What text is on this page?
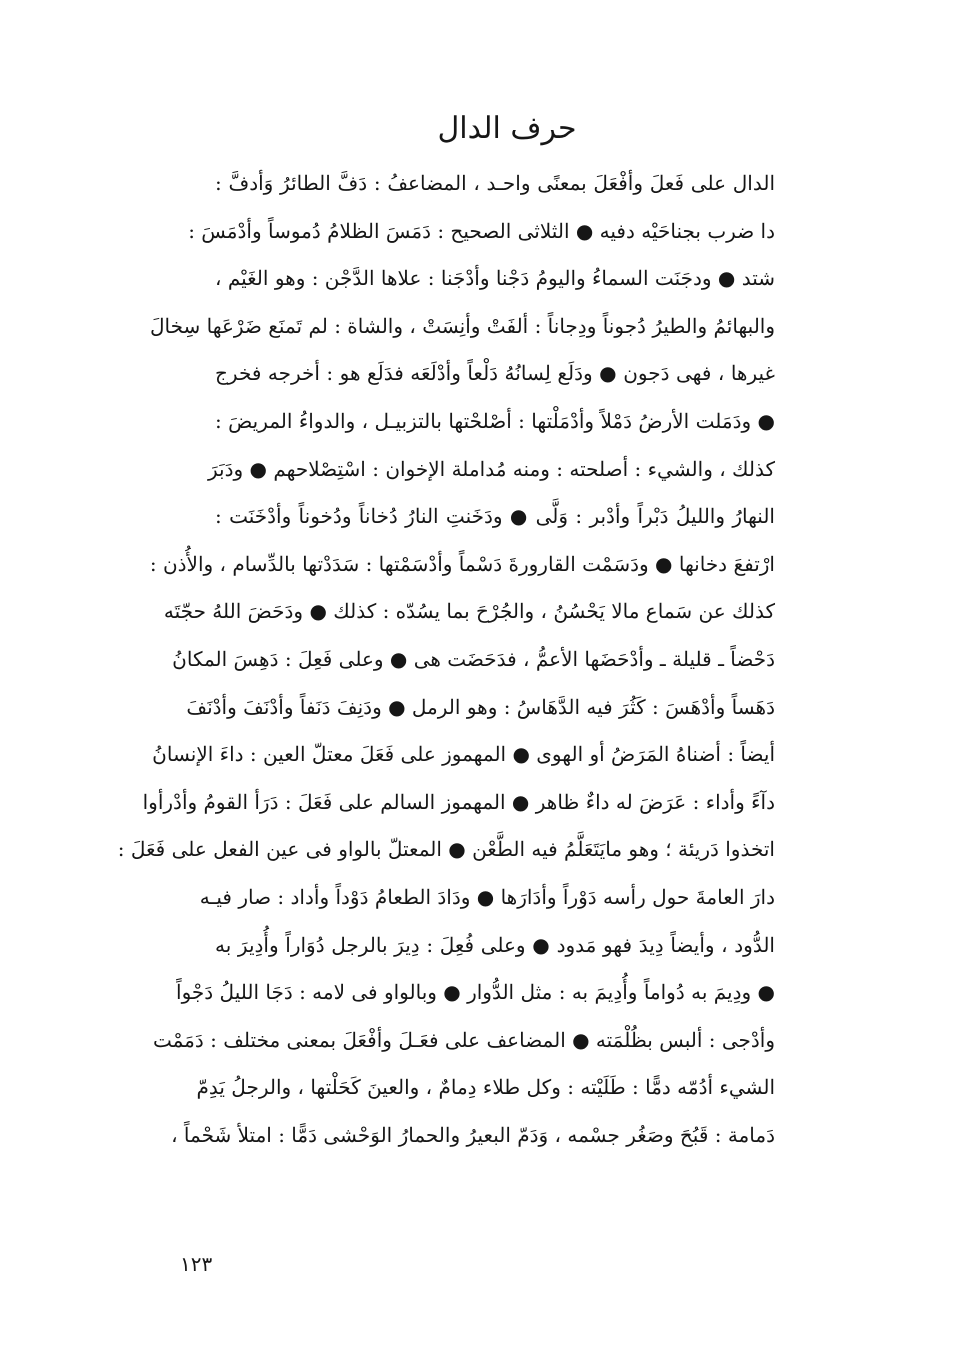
حرف الدال
الدال على فَعلَ وأفْعَلَ بمعنًى واحـد ، المضاعفُ : دَفَّ الطائرُ وَأدفَّ :
دا ضرب بجناحَيْه دفيه ● الثلاثى الصحيح : دَمَسَ الظلامُ دُموساً وأدْمَسَ :
شتد ● ودجَنَت السماءُ واليومُ دَجْنا وأدْجَنا : علاها الدَّجْن : وهو الغَيْم ،
والبهائمُ والطيرُ دُجوناً ودِجاناً : ألفَتْ وأنِسَتْ ، والشاة : لم تَمنَع ضَرْعَها سِخالَ
غيرها ، فهى دَجون ● ودَلَع لِسانُهُ دَلْعاً وأدْلَعَه فدَلَع هو : أخرجه فخرج
● ودَمَلت الأرضُ دَمْلاً وأدْمَلْتها : أصْلحْتها بالتزبيـل ، والدواءُ المريضَ :
كذلك ، والشيء : أصلحته : ومنه مُداملة الإخوان : اسْتِصْلاحهم ● ودَبَرَ
النهارُ والليلُ دَبْراً وأدْبر : وَلَّى ● ودَخَنتِ النارُ دُخاناً ودُخوناً وأدْخَنَت :
ارْتفعَ دخانها ● ودَسَمْت القارورةَ دَسْماً وأدْسَمْتها : سَدَدْتها بالدِّسام ، والأُذن :
كذلك عن سَماع مالا يَحْسُنُ ، والجُرْحَ بما يسُدّه : كذلك ● ودَحَضَ اللهُ حجّتَه
دَحْضاً ـ قليلة ـ وأدْحَضَها الأعمُّ ، فدَحَضَت هى ● وعلى فَعِلَ : دَهِسَ المكانُ
دَهَساً وأدْهَسَ : كَثُرَ فيه الدَّهَاسُ : وهو الرمل ● ودَنِفَ دَنَفاً وأدْنَفَ وأدْنَفَ
أيضاً : أضناهُ المَرَضُ أو الهوى ● المهموز على فَعَلَ معتلّ العين : داءَ الإنسانُ
دآءً وأداء : عَرَضَ له داءٌ ظاهر ● المهموز السالم على فَعَلَ : دَرَأ القومُ وأدْرأوا
اتخذوا دَريئة ؛ وهو مايَتَعَلَّمُ فيه الطَّعْن ● المعتلّ بالواو فى عين الفعل على فَعَلَ :
دارَ العامةَ حول رأسه دَوْراً وأدَارَها ● ودَادَ الطعامُ دَوْداً وأداد : صار فيـه
الدُّود ، وأيضاً دِيدَ فهو مَدود ● وعلى فُعِلَ : دِيرَ بالرجل دُوَاراً وأُدِيرَ به
● ودِيمَ به دُواماً وأُدِيمَ به : مثل الدُّوار ● وبالواو فى لامه : دَجَا الليلُ دَجْواً
وأدْجى : ألبس بظُلْمَته ● المضاعف على فعَـلَ وأفْعَلَ بمعنى مختلف : دَمَمْت
الشيء أدُمّه دمًّا : طَلَيْته : وكل طلاء دِمامٌ ، والعينَ كَحَلْتها ، والرجلُ يَدِمّ
دَمامة : قَبُحَ وصَغُر جسْمه ، وَدَمّ البعيرُ والحمارُ الوَحْشى دَمًّا : امتلأ شَحْماً ،
١٢٣
